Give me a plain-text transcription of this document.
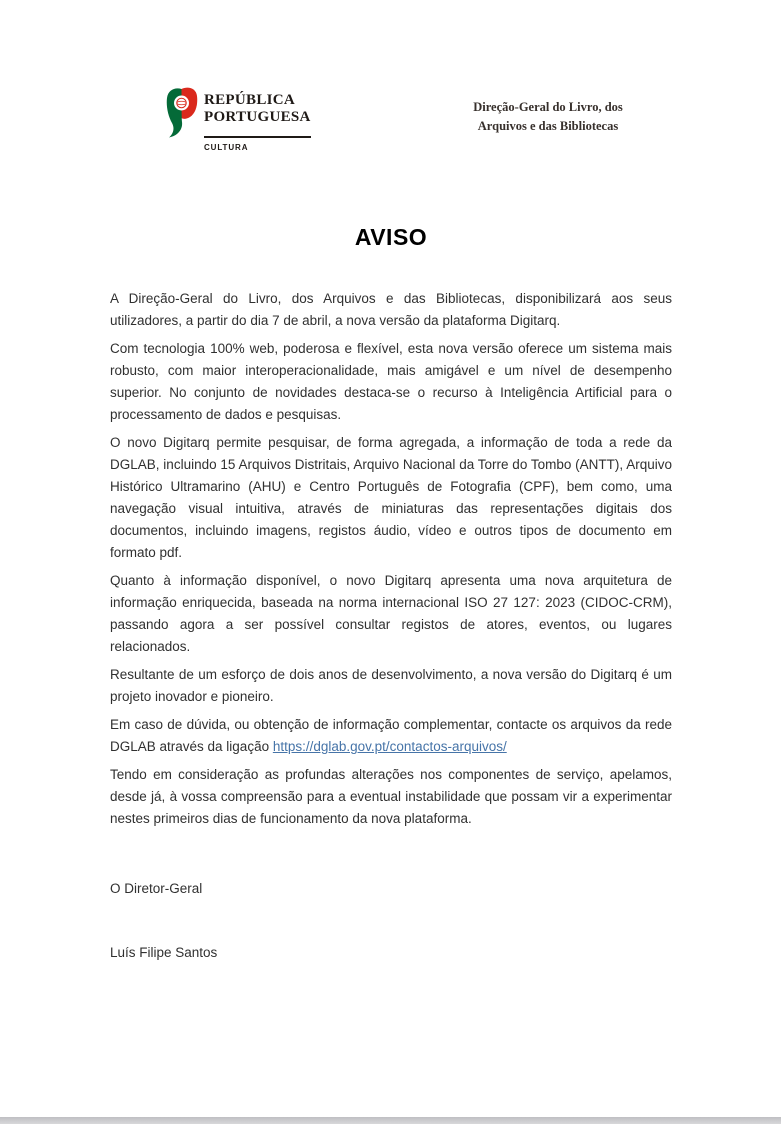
REPÚBLICA
PORTUGUESA
CULTURA
Direção-Geral do Livro, dos
Arquivos e das Bibliotecas
AVISO

A Direção-Geral do Livro, dos Arquivos e das Bibliotecas, disponibilizará aos seus utilizadores, a partir do dia 7 de abril, a nova versão da plataforma Digitarq.

Com tecnologia 100% web, poderosa e flexível, esta nova versão oferece um sistema mais robusto, com maior interoperacionalidade, mais amigável e um nível de desempenho superior. No conjunto de novidades destaca-se o recurso à Inteligência Artificial para o processamento de dados e pesquisas.

O novo Digitarq permite pesquisar, de forma agregada, a informação de toda a rede da DGLAB, incluindo 15 Arquivos Distritais, Arquivo Nacional da Torre do Tombo (ANTT), Arquivo Histórico Ultramarino (AHU) e Centro Português de Fotografia (CPF), bem como, uma navegação visual intuitiva, através de miniaturas das representações digitais dos documentos, incluindo imagens, registos áudio, vídeo e outros tipos de documento em formato pdf.

Quanto à informação disponível, o novo Digitarq apresenta uma nova arquitetura de informação enriquecida, baseada na norma internacional ISO 27 127: 2023 (CIDOC-CRM), passando agora a ser possível consultar registos de atores, eventos, ou lugares relacionados.

Resultante de um esforço de dois anos de desenvolvimento, a nova versão do Digitarq é um projeto inovador e pioneiro.

Em caso de dúvida, ou obtenção de informação complementar, contacte os arquivos da rede DGLAB através da ligação https://dglab.gov.pt/contactos-arquivos/

Tendo em consideração as profundas alterações nos componentes de serviço, apelamos, desde já, à vossa compreensão para a eventual instabilidade que possam vir a experimentar nestes primeiros dias de funcionamento da nova plataforma.

O Diretor-Geral

Luís Filipe Santos
